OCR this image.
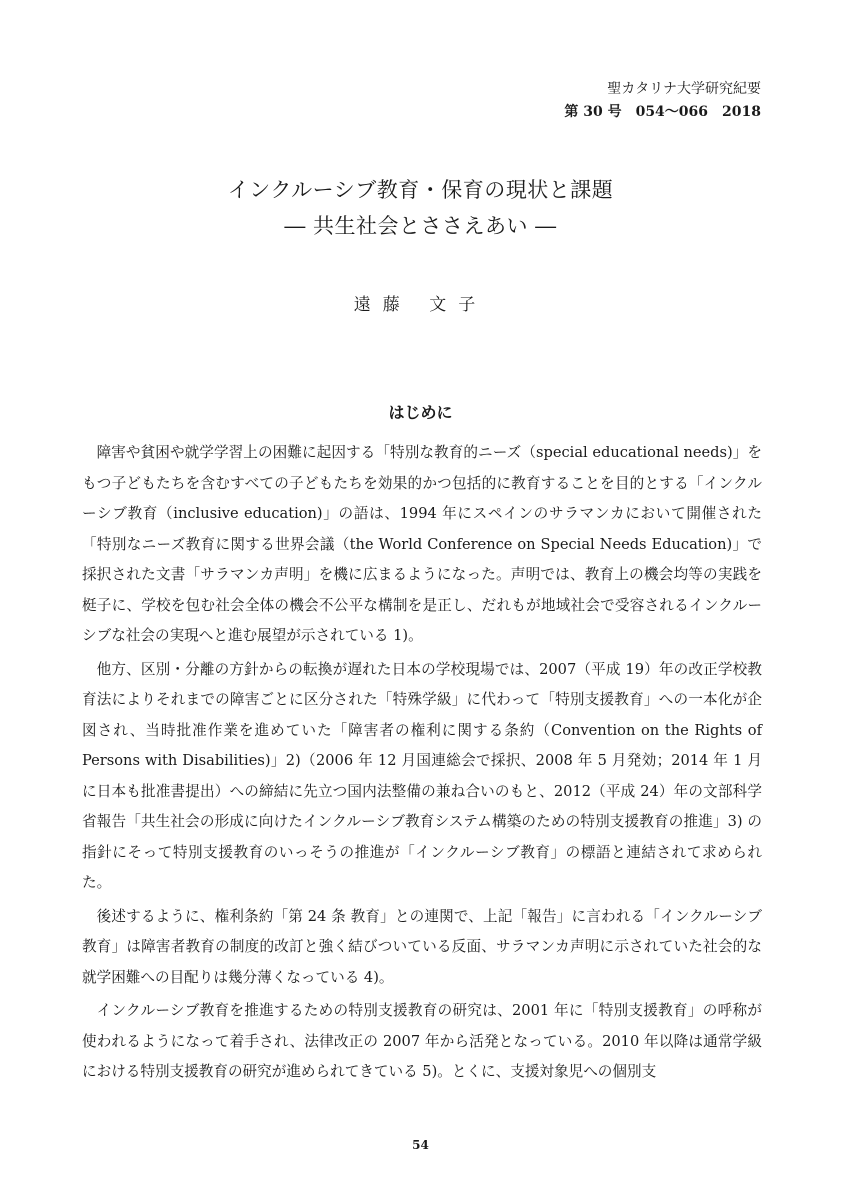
聖カタリナ大学研究紀要
第 30 号　054〜066　2018
インクルーシブ教育・保育の現状と課題
― 共生社会とささえあい ―
遠藤 文子
はじめに

障害や貧困や就学学習上の困難に起因する「特別な教育的ニーズ（special educational needs)」をもつ子どもたちを含むすべての子どもたちを効果的かつ包括的に教育することを目的とする「インクルーシブ教育（inclusive education)」の語は、1994 年にスペインのサラマンカにおいて開催された「特別なニーズ教育に関する世界会議（the World Conference on Special Needs Education)」で採択された文書「サラマンカ声明」を機に広まるようになった。声明では、教育上の機会均等の実践を梃子に、学校を包む社会全体の機会不公平な構制を是正し、だれもが地域社会で受容されるインクルーシブな社会の実現へと進む展望が示されている 1)。

他方、区別・分離の方針からの転換が遅れた日本の学校現場では、2007（平成 19）年の改正学校教育法によりそれまでの障害ごとに区分された「特殊学級」に代わって「特別支援教育」への一本化が企図され、当時批准作業を進めていた「障害者の権利に関する条約（Convention on the Rights of Persons with Disabilities)」2)（2006 年 12 月国連総会で採択、2008 年 5 月発効；2014 年 1 月に日本も批准書提出）への締結に先立つ国内法整備の兼ね合いのもと、2012（平成 24）年の文部科学省報告「共生社会の形成に向けたインクルーシブ教育システム構築のための特別支援教育の推進」3) の指針にそって特別支援教育のいっそうの推進が「インクルーシブ教育」の標語と連結されて求められた。

後述するように、権利条約「第 24 条 教育」との連関で、上記「報告」に言われる「インクルーシブ教育」は障害者教育の制度的改訂と強く結びついている反面、サラマンカ声明に示されていた社会的な就学困難への目配りは幾分薄くなっている 4)。

インクルーシブ教育を推進するための特別支援教育の研究は、2001 年に「特別支援教育」の呼称が使われるようになって着手され、法律改正の 2007 年から活発となっている。2010 年以降は通常学級における特別支援教育の研究が進められてきている 5)。とくに、支援対象児への個別支

54
